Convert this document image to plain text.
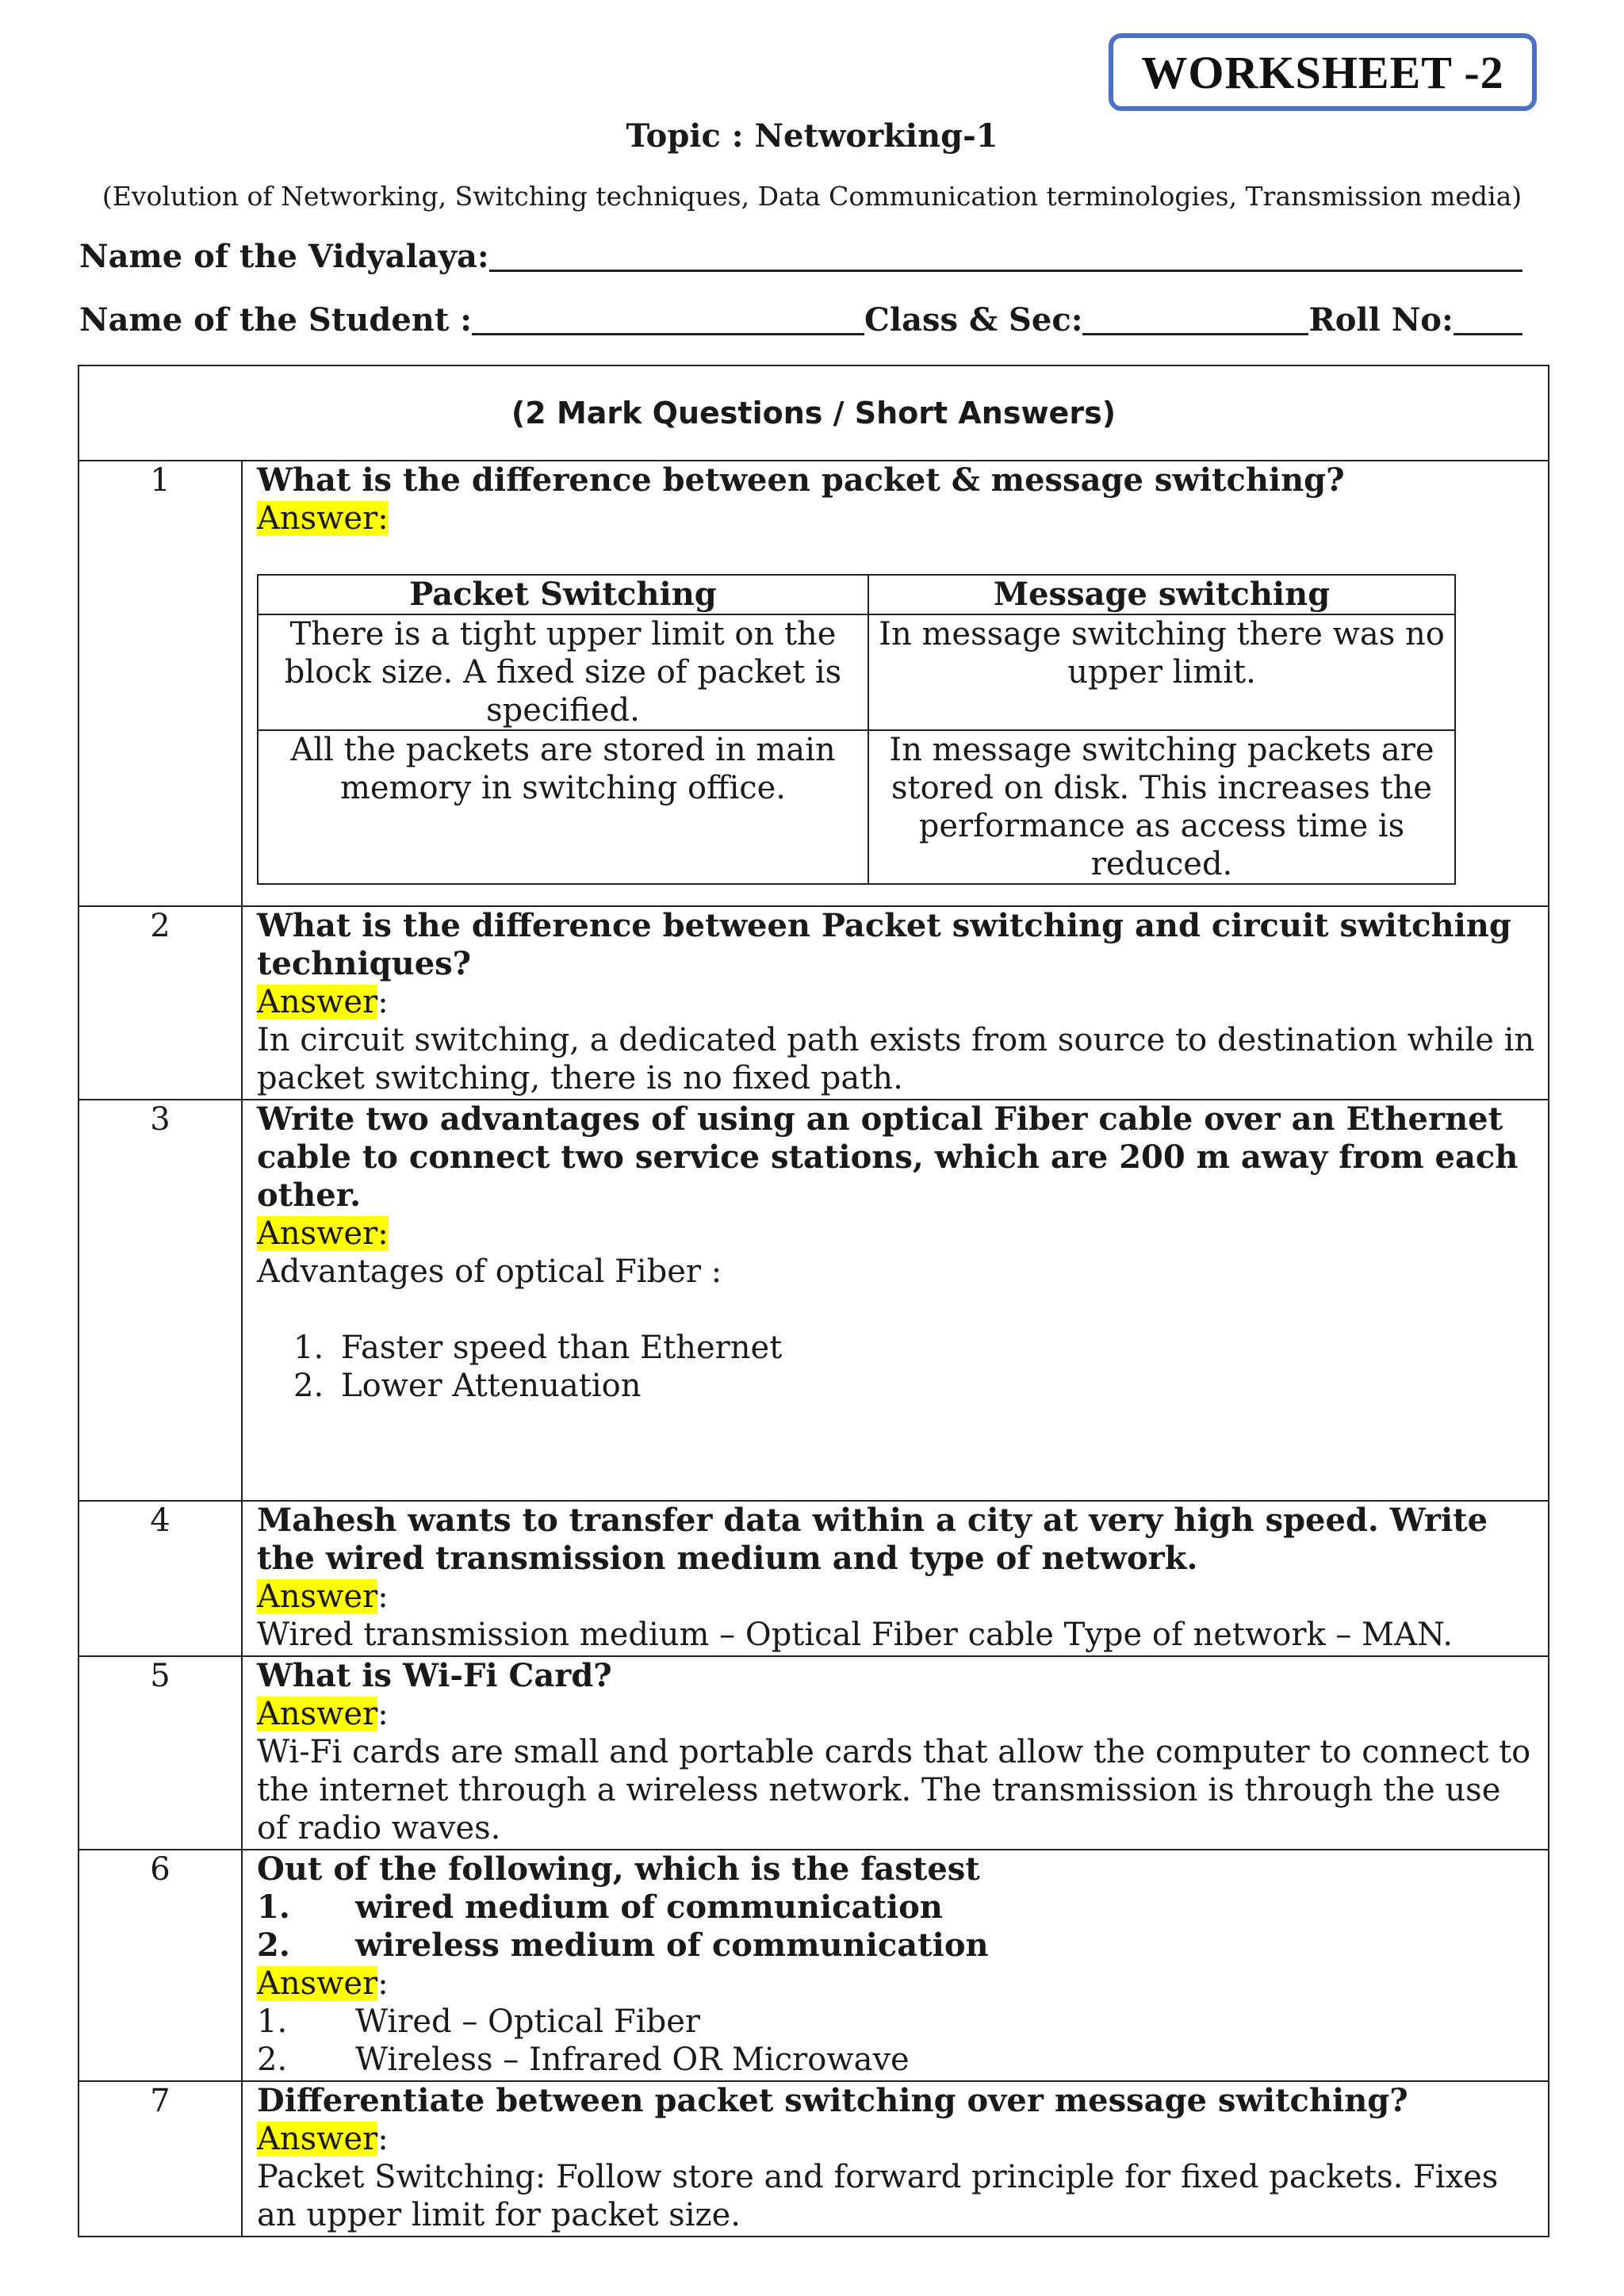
WORKSHEET -2
Topic : Networking-1
(Evolution of Networking, Switching techniques, Data Communication terminologies, Transmission media)
Name of the Vidyalaya:
Name of the Student :	Class & Sec:	Roll No:
(2 Mark Questions / Short Answers)
1	What is the difference between packet & message switching?
Answer:
Packet Switching	Message switching
There is a tight upper limit on the block size. A fixed size of packet is specified.	In message switching there was no upper limit.
All the packets are stored in main memory in switching office.	In message switching packets are stored on disk. This increases the performance as access time is reduced.

2	What is the difference between Packet switching and circuit switching techniques?
Answer:
In circuit switching, a dedicated path exists from source to destination while in packet switching, there is no fixed path.

3	Write two advantages of using an optical Fiber cable over an Ethernet cable to connect two service stations, which are 200 m away from each other.
Answer:
Advantages of optical Fiber :
1. Faster speed than Ethernet
2. Lower Attenuation

4	Mahesh wants to transfer data within a city at very high speed. Write the wired transmission medium and type of network.
Answer:
Wired transmission medium – Optical Fiber cable Type of network – MAN.

5	What is Wi-Fi Card?
Answer:
Wi-Fi cards are small and portable cards that allow the computer to connect to the internet through a wireless network. The transmission is through the use of radio waves.

6	Out of the following, which is the fastest
1.	wired medium of communication
2.	wireless medium of communication
Answer:
1.	Wired – Optical Fiber
2.	Wireless – Infrared OR Microwave

7	Differentiate between packet switching over message switching?
Answer:
Packet Switching: Follow store and forward principle for fixed packets. Fixes an upper limit for packet size.
